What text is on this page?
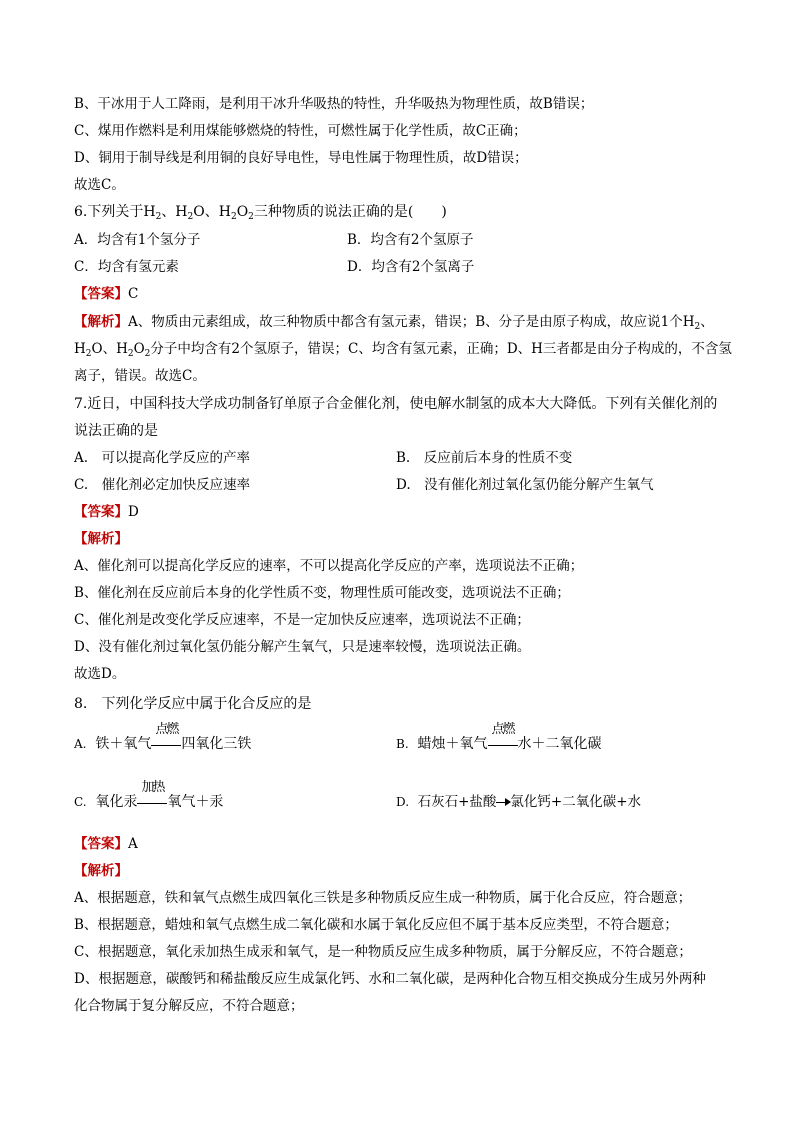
B、干冰用于人工降雨，是利用干冰升华吸热的特性，升华吸热为物理性质，故B错误；
C、煤用作燃料是利用煤能够燃烧的特性，可燃性属于化学性质，故C正确；
D、铜用于制导线是利用铜的良好导电性，导电性属于物理性质，故D错误；
故选C。
6.下列关于$H_2$、$H_2O$、$H_2O_2$三种物质的说法正确的是(　　)
A．均含有1个氢分子	B．均含有2个氢原子
C．均含有氢元素	D．均含有2个氢离子
【答案】C
【解析】A、物质由元素组成，故三种物质中都含有氢元素，错误；B、分子是由原子构成，故应说1个$H_2$、
$H_2O$、$H_2O_2$分子中均含有2个氢原子，错误；C、均含有氢元素，正确；D、H三者都是由分子构成的，不含氢
离子，错误。故选C。
7.近日，中国科技大学成功制备钌单原子合金催化剂，使电解水制氢的成本大大降低。下列有关催化剂的
说法正确的是
A.　可以提高化学反应的产率	B.　反应前后本身的性质不变
C.　催化剂必定加快反应速率	D.　没有催化剂过氧化氢仍能分解产生氧气
【答案】D
【解析】
A、催化剂可以提高化学反应的速率，不可以提高化学反应的产率，选项说法不正确；
B、催化剂在反应前后本身的化学性质不变，物理性质可能改变，选项说法不正确；
C、催化剂是改变化学反应速率，不是一定加快反应速率，选项说法不正确；
D、没有催化剂过氧化氢仍能分解产生氧气，只是速率较慢，选项说法正确。
故选D。
8.　下列化学反应中属于化合反应的是
A. 铁＋氧气
点燃
四氧化三铁	B. 蜡烛＋氧气
点燃
水＋二氧化碳
C. 氧化汞
加热
氧气＋汞	D. 石灰石+盐酸 氯化钙+二氧化碳+水
【答案】A
【解析】
A、根据题意，铁和氧气点燃生成四氧化三铁是多种物质反应生成一种物质，属于化合反应，符合题意；
B、根据题意，蜡烛和氧气点燃生成二氧化碳和水属于氧化反应但不属于基本反应类型，不符合题意；
C、根据题意，氧化汞加热生成汞和氧气，是一种物质反应生成多种物质，属于分解反应，不符合题意；
D、根据题意，碳酸钙和稀盐酸反应生成氯化钙、水和二氧化碳，是两种化合物互相交换成分生成另外两种
化合物属于复分解反应，不符合题意；
